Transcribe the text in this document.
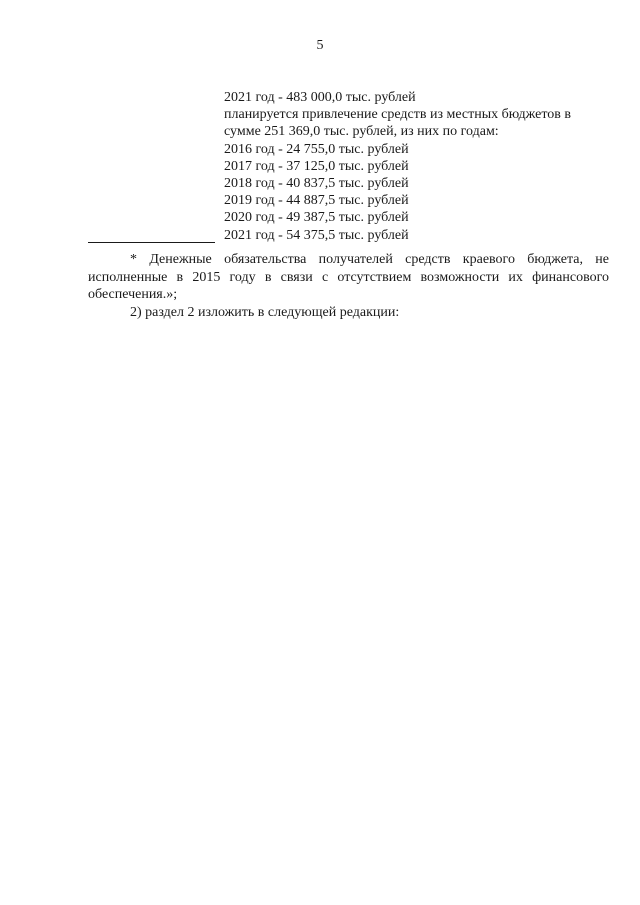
5
2021 год - 483 000,0 тыс. рублей
планируется привлечение средств из местных бюджетов в
сумме 251 369,0 тыс. рублей, из них по годам:
2016 год - 24 755,0 тыс. рублей
2017 год - 37 125,0 тыс. рублей
2018 год - 40 837,5 тыс. рублей
2019 год - 44 887,5 тыс. рублей
2020 год - 49 387,5 тыс. рублей
2021 год - 54 375,5 тыс. рублей
* Денежные обязательства получателей средств краевого бюджета, не исполненные в 2015 году в связи с отсутствием возможности их финансового обеспечения.»;
2) раздел 2 изложить в следующей редакции:
